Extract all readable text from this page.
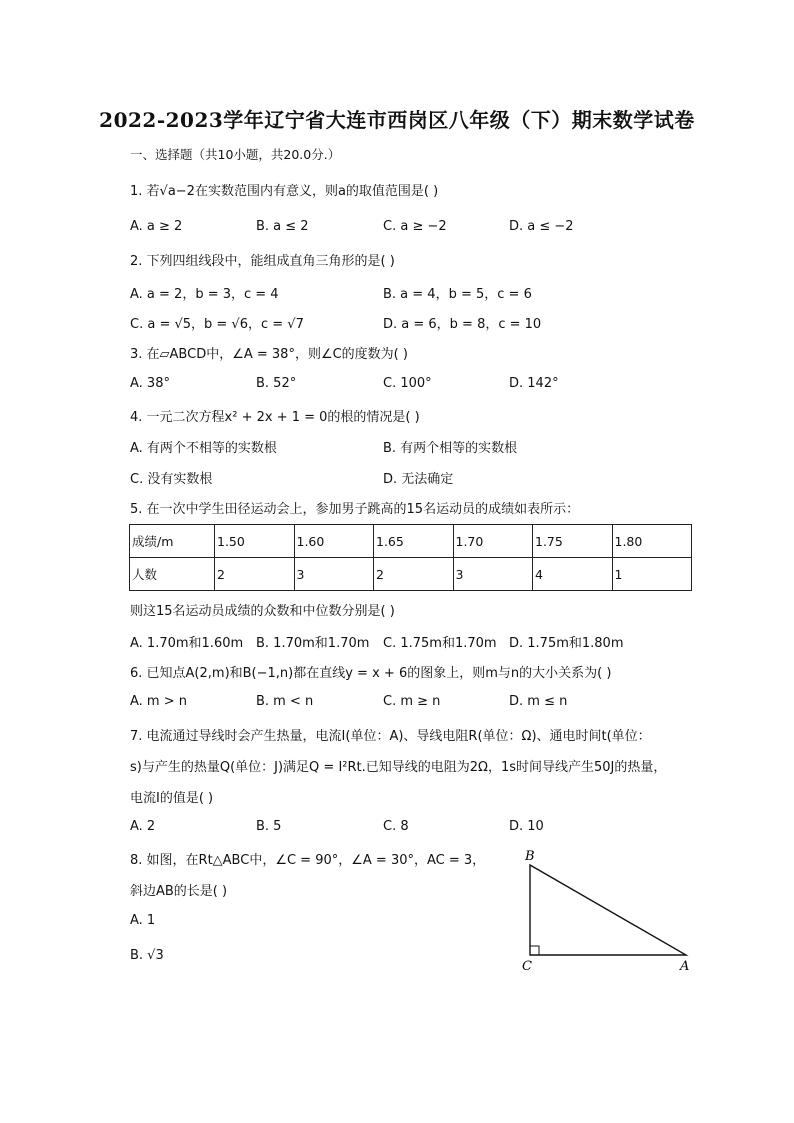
2022-2023学年辽宁省大连市西岗区八年级（下）期末数学试卷
一、选择题（共10小题，共20.0分.）
1. 若√a−2在实数范围内有意义，则a的取值范围是( )
A. a ≥ 2	B. a ≤ 2	C. a ≥ −2	D. a ≤ −2
2. 下列四组线段中，能组成直角三角形的是( )
A. a = 2，b = 3，c = 4	B. a = 4，b = 5，c = 6
C. a = √5，b = √6，c = √7	D. a = 6，b = 8，c = 10
3. 在▱ABCD中，∠A = 38°，则∠C的度数为( )
A. 38°	B. 52°	C. 100°	D. 142°
4. 一元二次方程x² + 2x + 1 = 0的根的情况是( )
A. 有两个不相等的实数根	B. 有两个相等的实数根
C. 没有实数根	D. 无法确定
5. 在一次中学生田径运动会上，参加男子跳高的15名运动员的成绩如表所示：
成绩/m	1.50	1.60	1.65	1.70	1.75	1.80
人数	2	3	2	3	4	1
则这15名运动员成绩的众数和中位数分别是( )
A. 1.70m和1.60m B. 1.70m和1.70m C. 1.75m和1.70m D. 1.75m和1.80m
6. 已知点A(2,m)和B(−1,n)都在直线y = x + 6的图象上，则m与n的大小关系为( )
A. m > n	B. m < n	C. m ≥ n	D. m ≤ n
7. 电流通过导线时会产生热量，电流I(单位：A)、导线电阻R(单位：Ω)、通电时间t(单位：
s)与产生的热量Q(单位：J)满足Q = I²Rt.已知导线的电阻为2Ω，1s时间导线产生50J的热量，
电流I的值是( )
A. 2	B. 5	C. 8	D. 10
8. 如图，在Rt△ABC中，∠C = 90°，∠A = 30°，AC = 3，
斜边AB的长是( )
A. 1
B. √3
B
C	A
